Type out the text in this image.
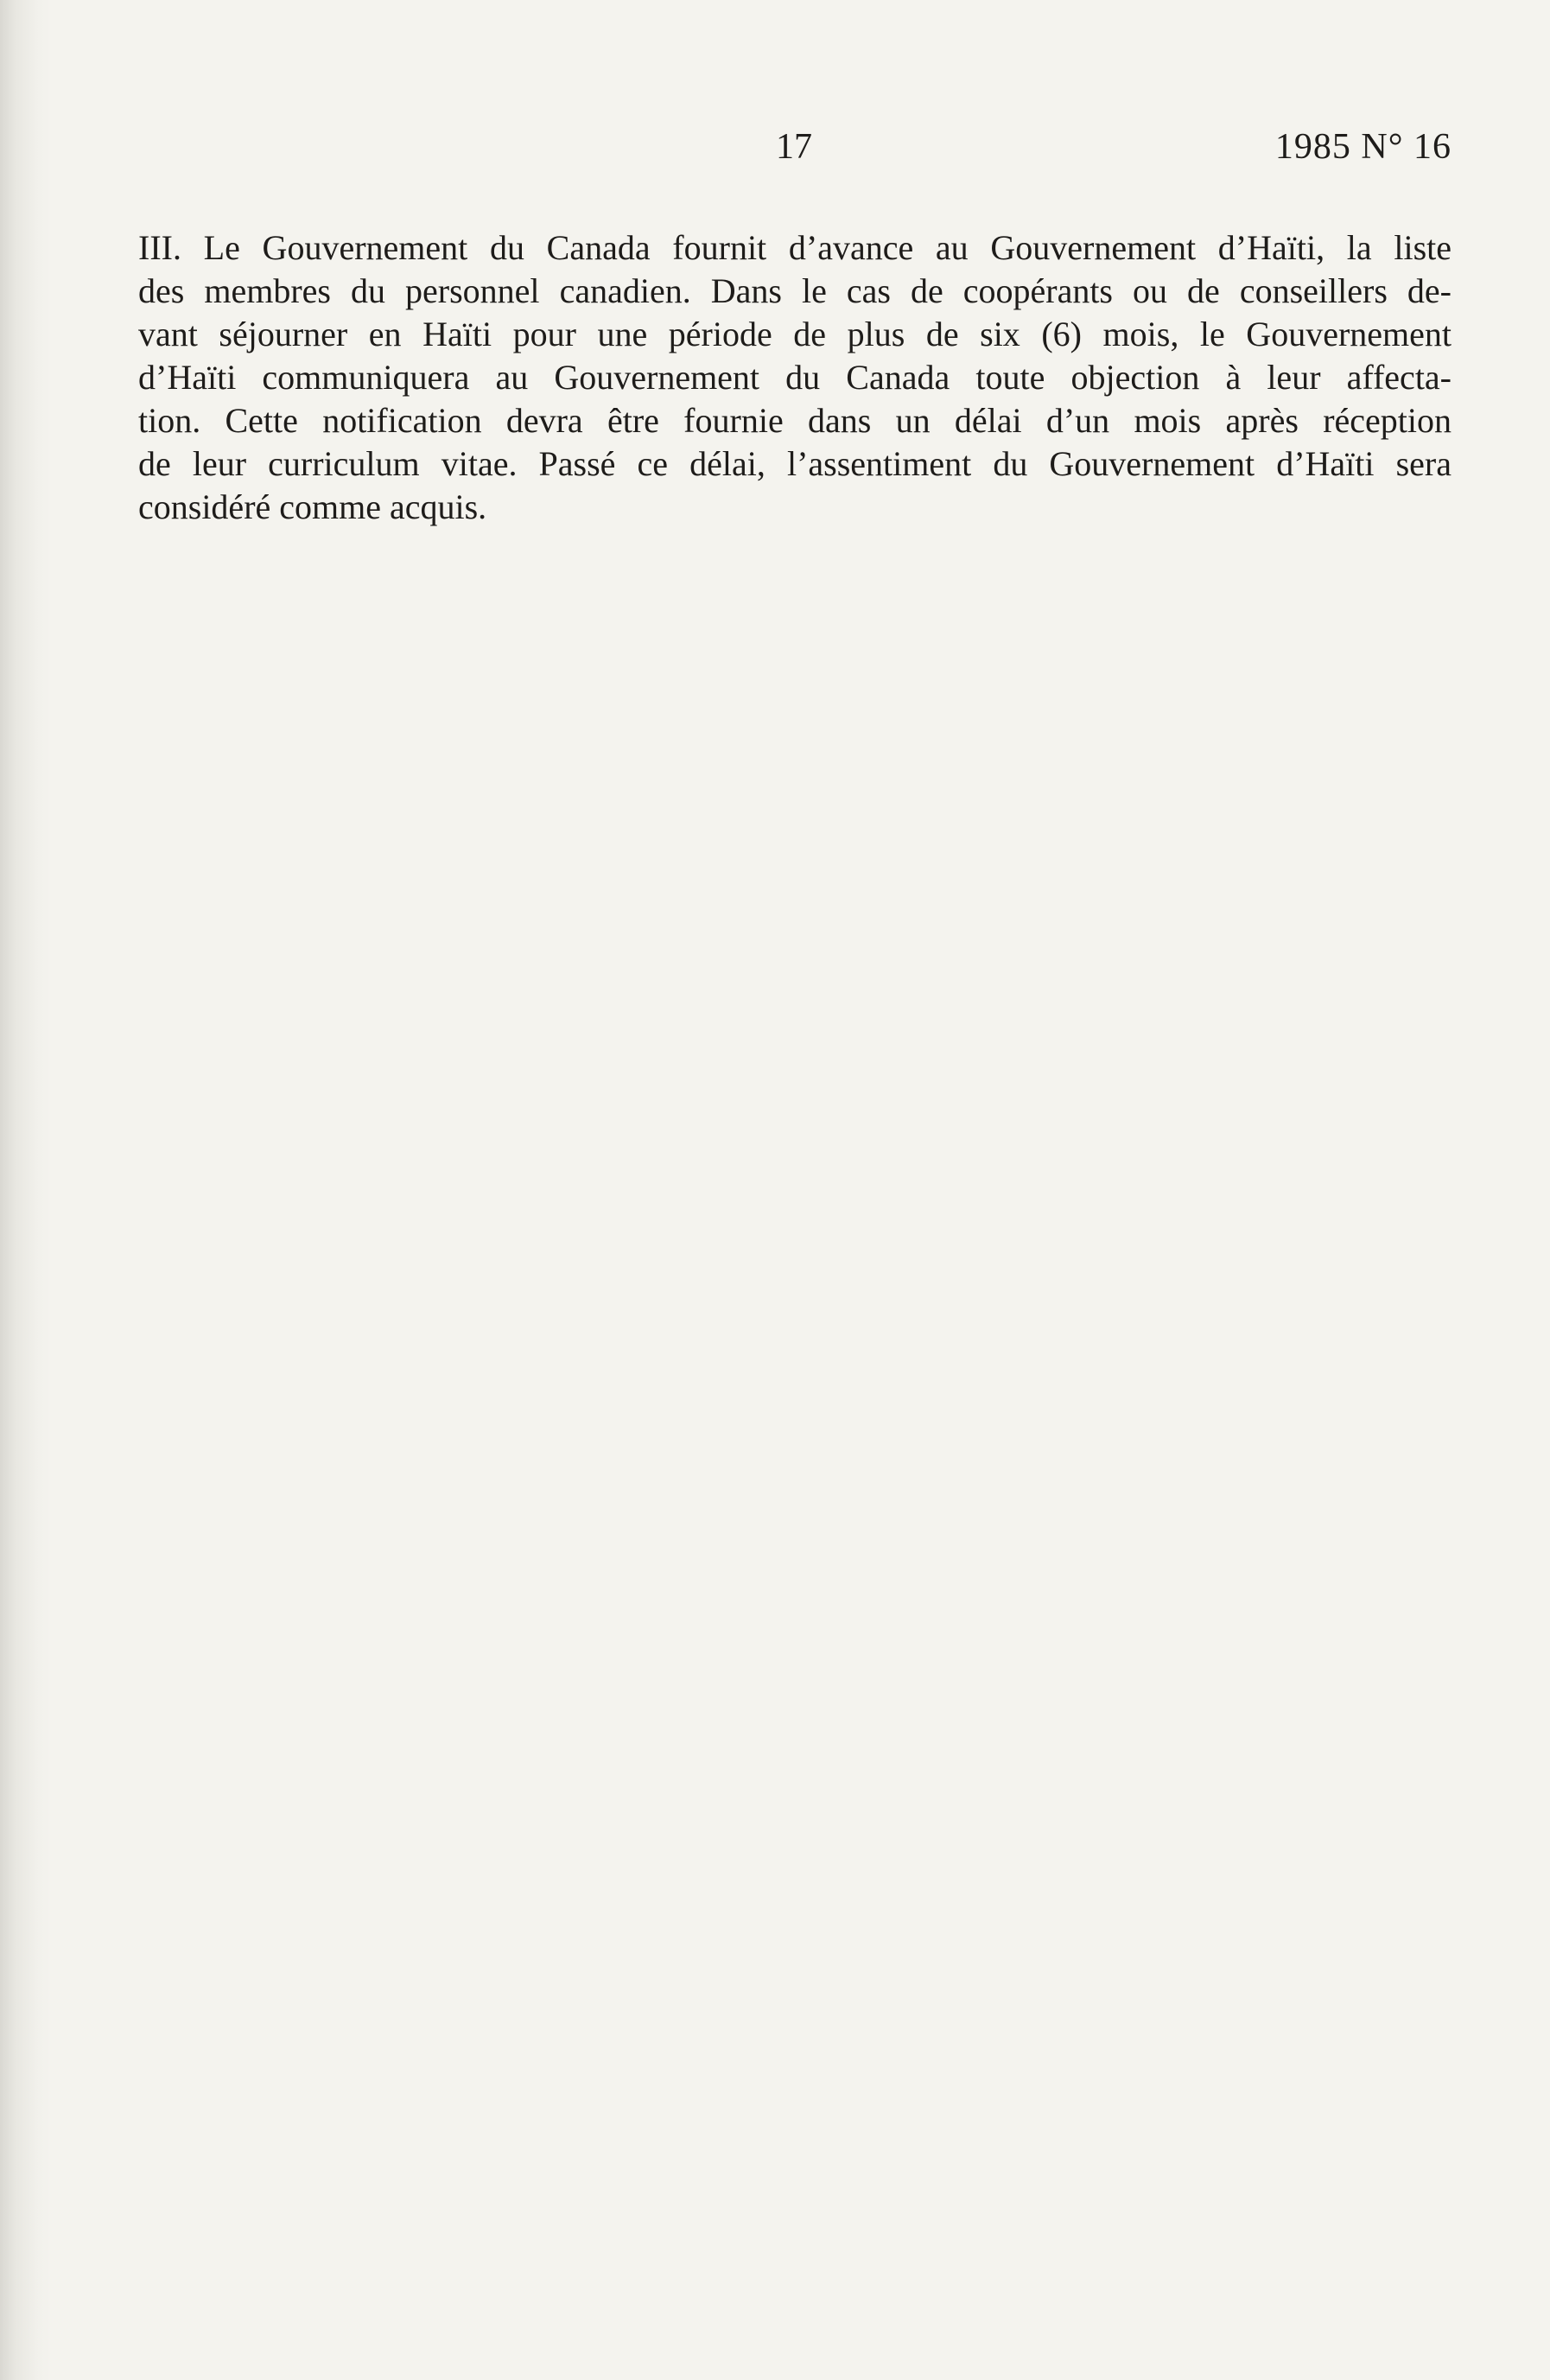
17	1985 N° 16

III. Le Gouvernement du Canada fournit d’avance au Gouvernement d’Haïti, la liste
des membres du personnel canadien. Dans le cas de coopérants ou de conseillers de-
vant séjourner en Haïti pour une période de plus de six (6) mois, le Gouvernement
d’Haïti communiquera au Gouvernement du Canada toute objection à leur affecta-
tion. Cette notification devra être fournie dans un délai d’un mois après réception
de leur curriculum vitae. Passé ce délai, l’assentiment du Gouvernement d’Haïti sera
considéré comme acquis.
